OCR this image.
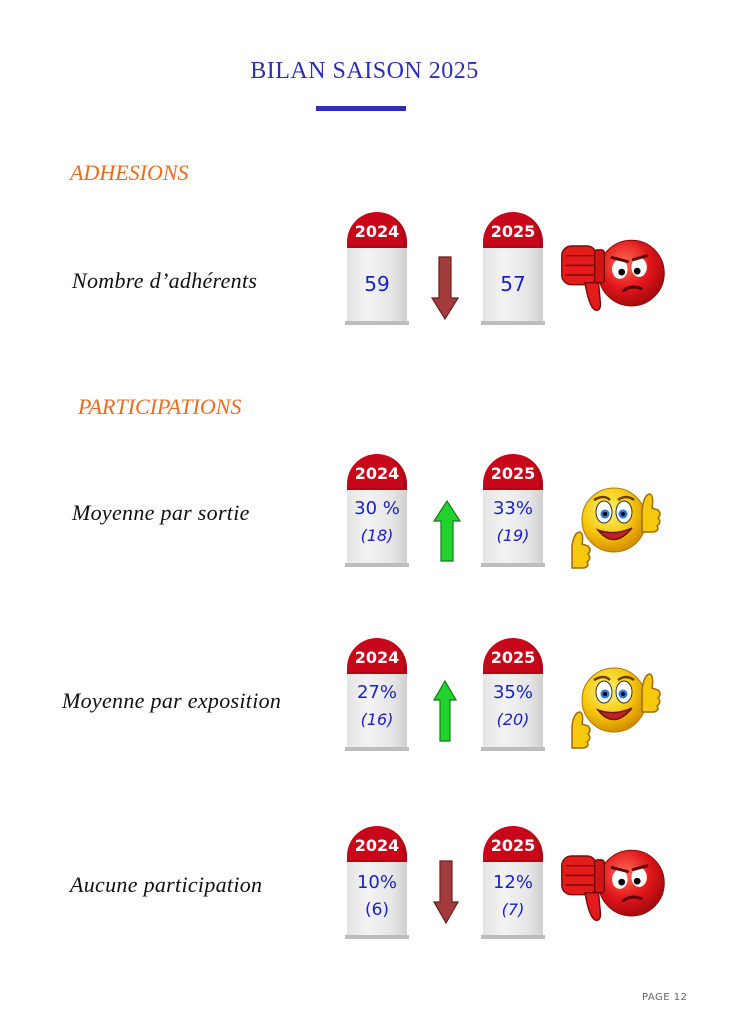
BILAN SAISON 2025
ADHESIONS
Nombre d’adhérents
2024
59
2025
57
PARTICIPATIONS
Moyenne par sortie
2024
30 %
(18)
2025
33%
(19)
Moyenne par exposition
2024
27%
(16)
2025
35%
(20)
Aucune participation
2024
10%
(6)
2025
12%
(7)
PAGE 12
